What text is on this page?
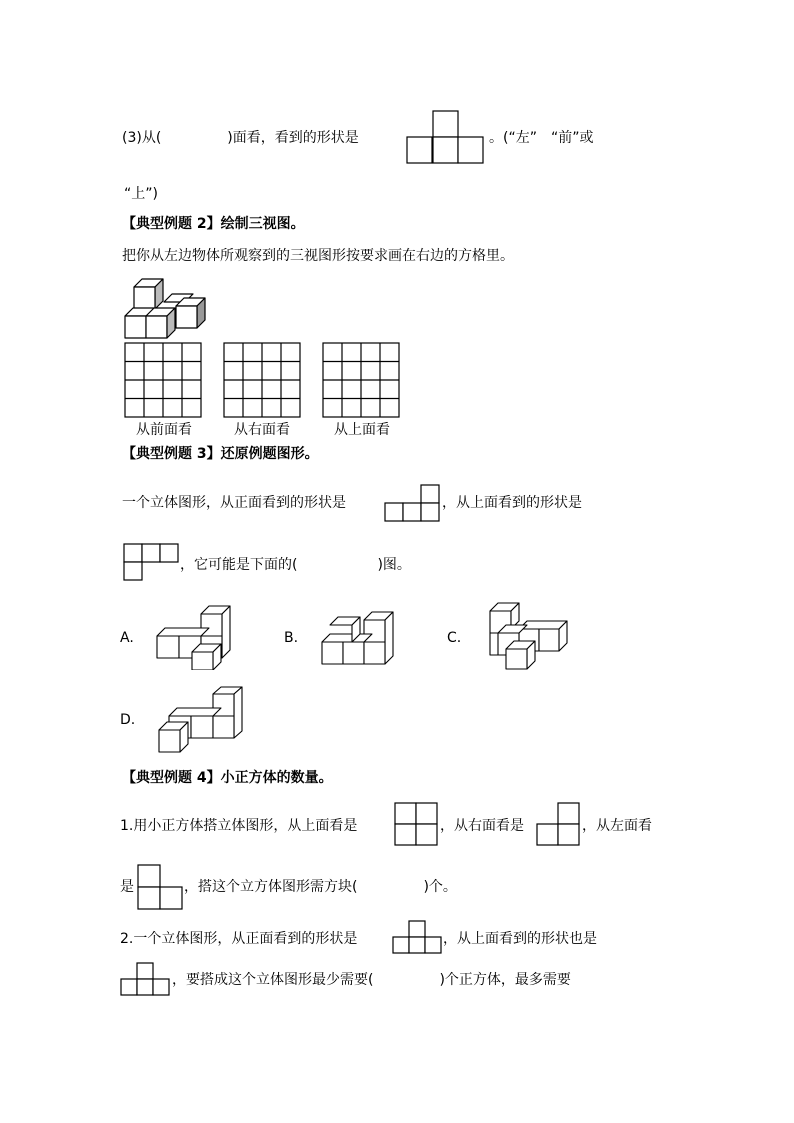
(3)从(	)面看，看到的形状是	。(“左”　“前”或
“上”)
【典型例题 2】绘制三视图。
把你从左边物体所观察到的三视图形按要求画在右边的方格里。
从前面看	从右面看	从上面看
【典型例题 3】还原例题图形。
一个立体图形，从正面看到的形状是	，从上面看到的形状是
，它可能是下面的(	)图。
A.	B.	C.
D.
【典型例题 4】小正方体的数量。
1.用小正方体搭立体图形，从上面看是	，从右面看是	，从左面看
是	，搭这个立方体图形需方块(	)个。
2.一个立体图形，从正面看到的形状是	，从上面看到的形状也是
，要搭成这个立体图形最少需要(	)个正方体，最多需要
